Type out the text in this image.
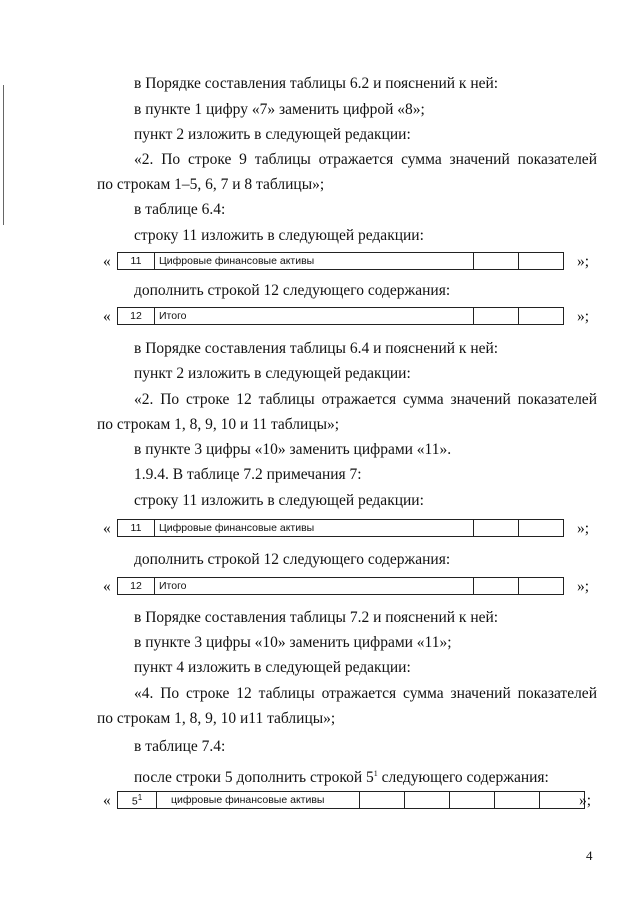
в Порядке составления таблицы 6.2 и пояснений к ней:
в пункте 1 цифру «7» заменить цифрой «8»;
пункт 2 изложить в следующей редакции:
«2. По строке 9 таблицы отражается сумма значений показателей
по строкам 1–5, 6, 7 и 8 таблицы»;
в таблице 6.4:
строку 11 изложить в следующей редакции:
« 11	Цифровые финансовые активы			»;
дополнить строкой 12 следующего содержания:
« 12	Итого			»;
в Порядке составления таблицы 6.4 и пояснений к ней:
пункт 2 изложить в следующей редакции:
«2. По строке 12 таблицы отражается сумма значений показателей
по строкам 1, 8, 9, 10 и 11 таблицы»;
в пункте 3 цифры «10» заменить цифрами «11».
1.9.4. В таблице 7.2 примечания 7:
строку 11 изложить в следующей редакции:
« 11	Цифровые финансовые активы			»;
дополнить строкой 12 следующего содержания:
« 12	Итого			»;
в Порядке составления таблицы 7.2 и пояснений к ней:
в пункте 3 цифры «10» заменить цифрами «11»;
пункт 4 изложить в следующей редакции:
«4. По строке 12 таблицы отражается сумма значений показателей
по строкам 1, 8, 9, 10 и11 таблицы»;
в таблице 7.4:
после строки 5 дополнить строкой $5^1$ следующего содержания:
« $5^1$	цифровые финансовые активы						»;
4
